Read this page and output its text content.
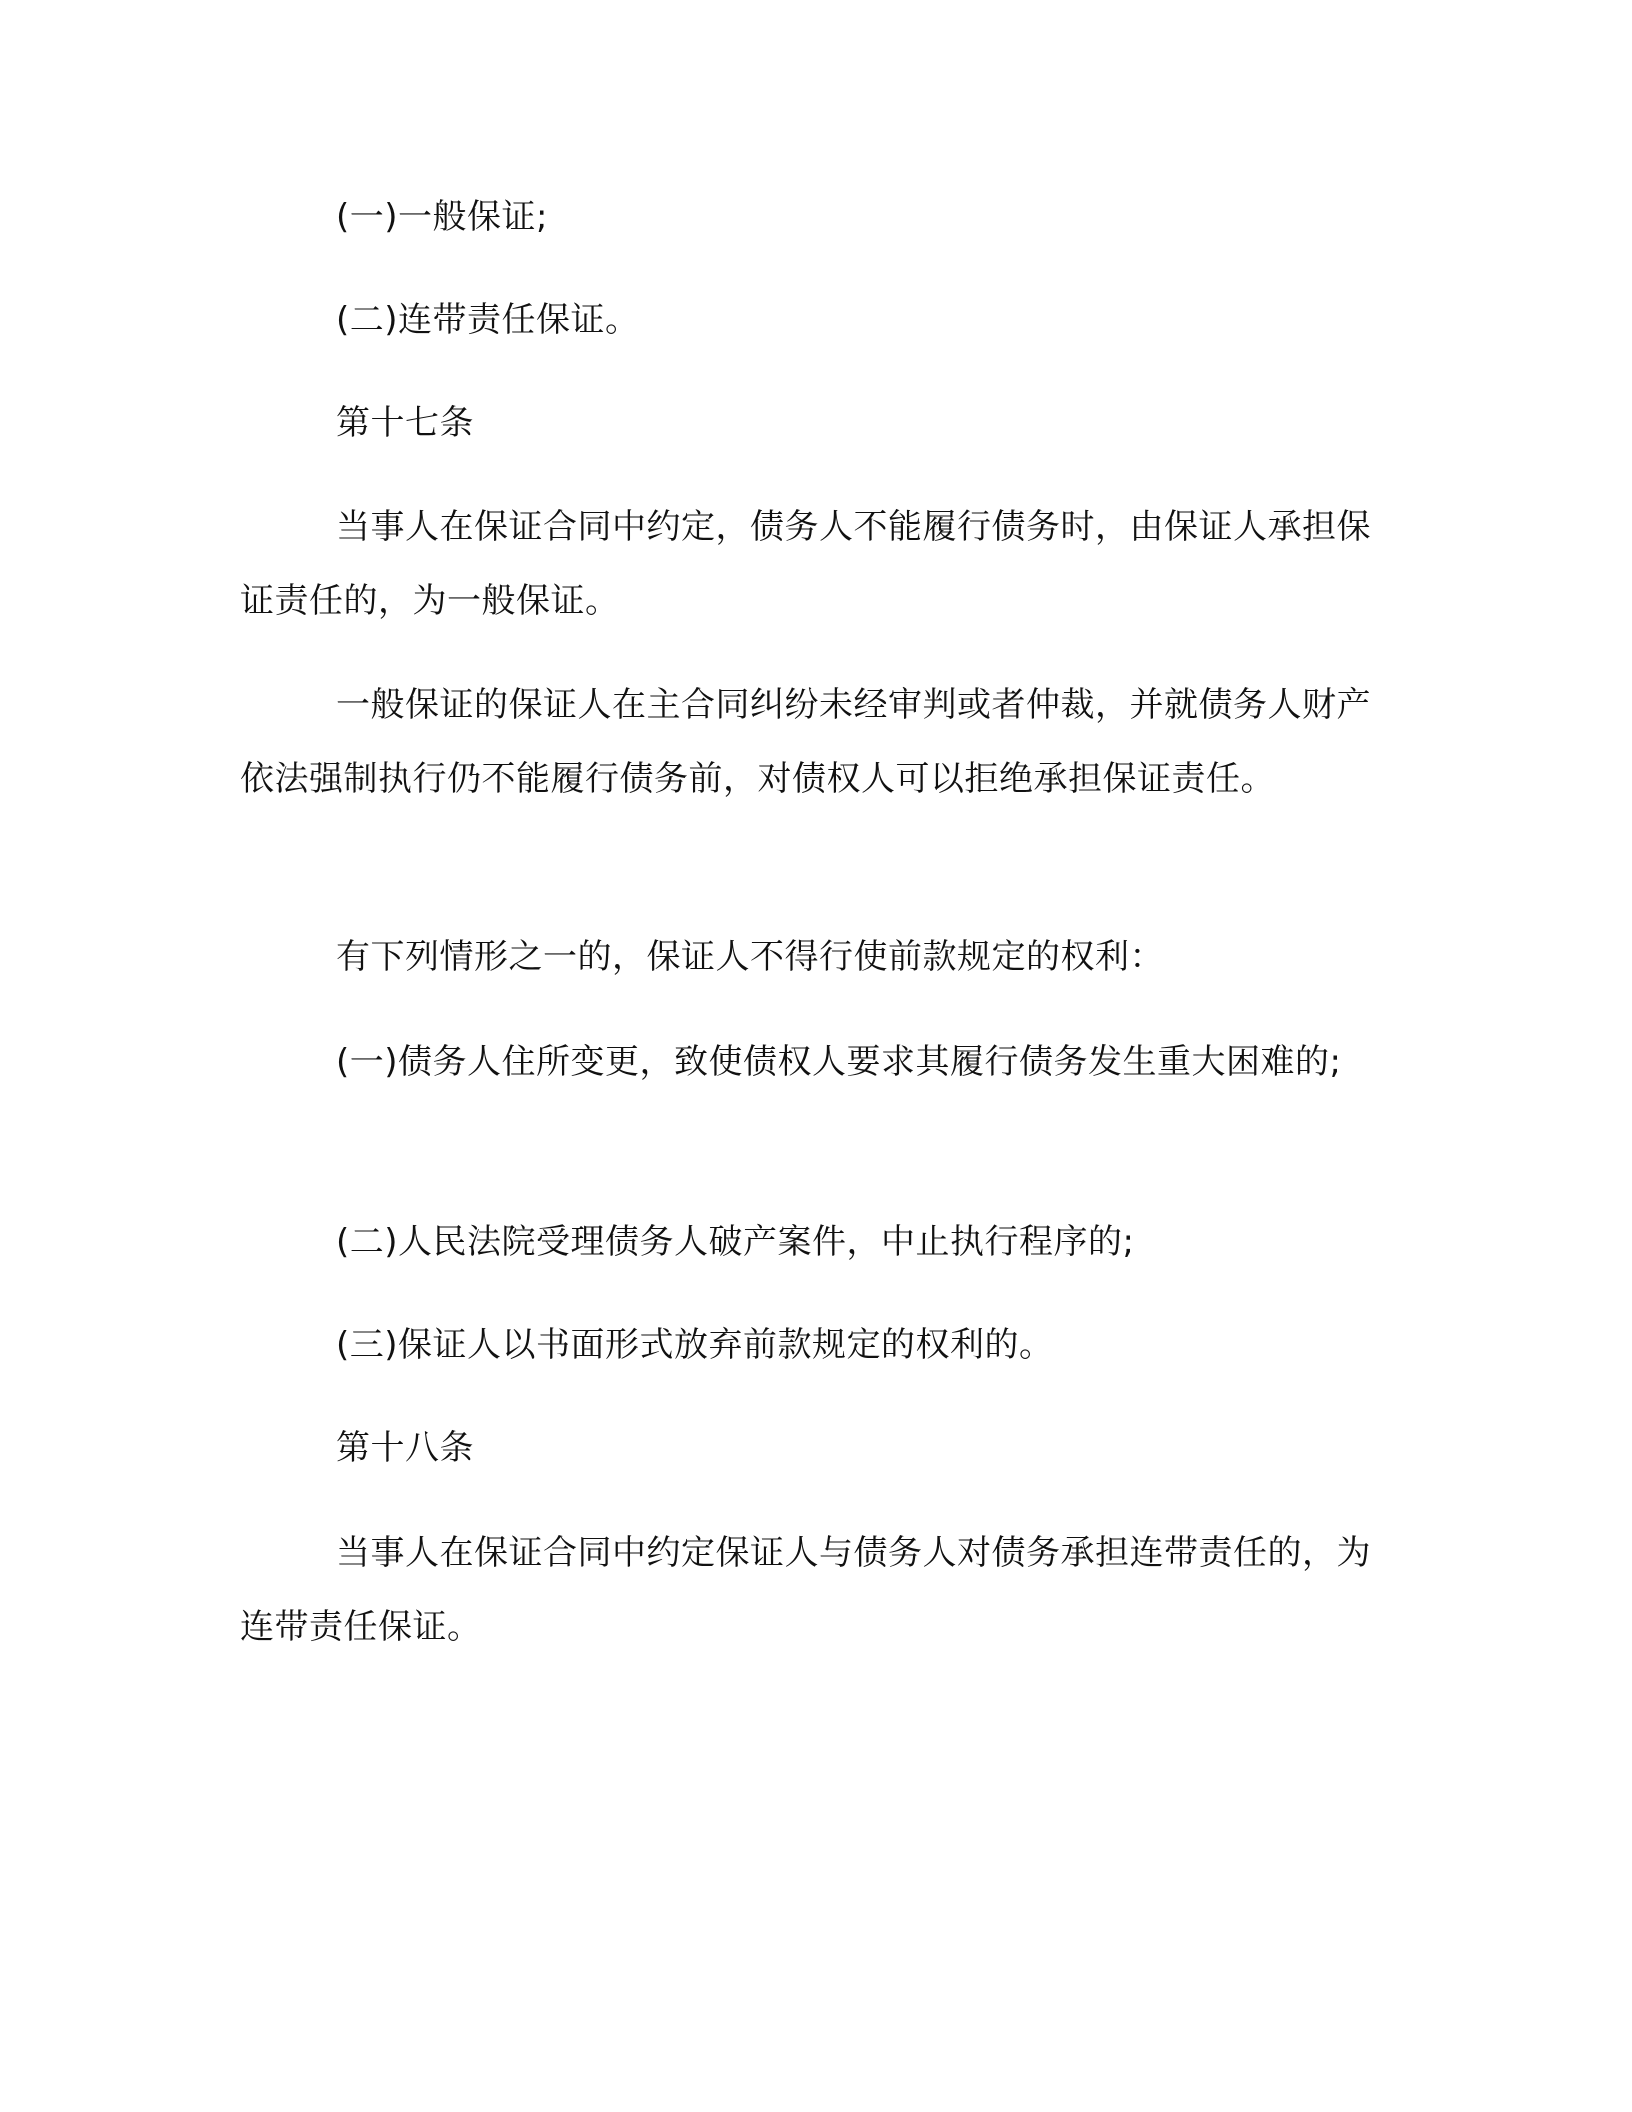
(一)一般保证;

(二)连带责任保证。

第十七条

当事人在保证合同中约定，债务人不能履行债务时，由保证人承担保证责任的，为一般保证。

一般保证的保证人在主合同纠纷未经审判或者仲裁，并就债务人财产依法强制执行仍不能履行债务前，对债权人可以拒绝承担保证责任。

有下列情形之一的，保证人不得行使前款规定的权利：

(一)债务人住所变更，致使债权人要求其履行债务发生重大困难的;

(二)人民法院受理债务人破产案件，中止执行程序的;

(三)保证人以书面形式放弃前款规定的权利的。

第十八条

当事人在保证合同中约定保证人与债务人对债务承担连带责任的，为连带责任保证。
